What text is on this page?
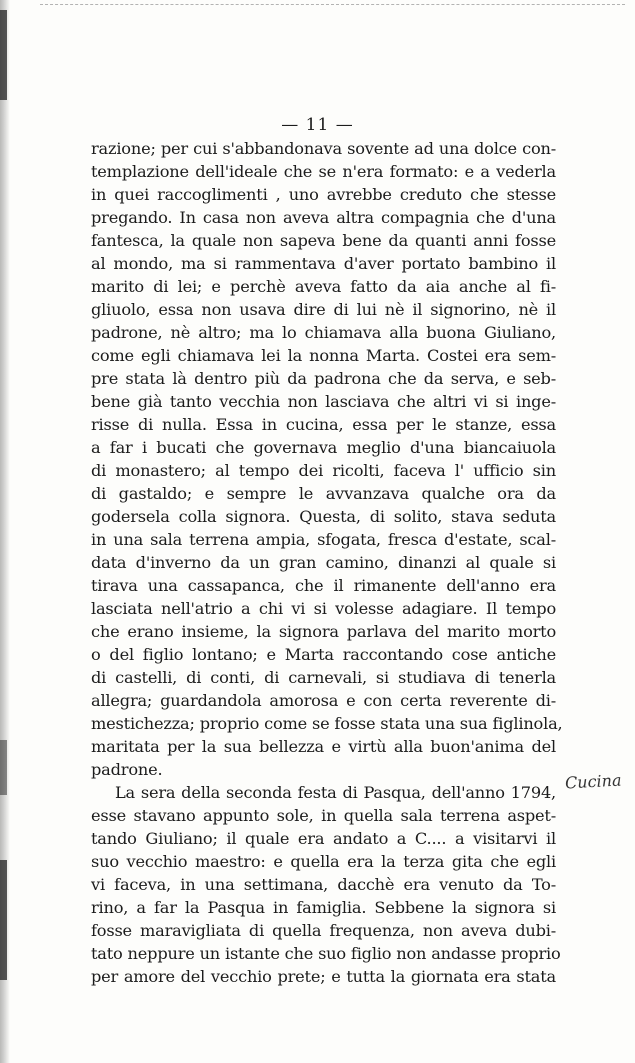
— 11 —
razione; per cui s'abbandonava sovente ad una dolce con-
templazione dell'ideale che se n'era formato: e a vederla
in quei raccoglimenti , uno avrebbe creduto che stesse
pregando. In casa non aveva altra compagnia che d'una
fantesca, la quale non sapeva bene da quanti anni fosse
al mondo, ma si rammentava d'aver portato bambino il
marito di lei; e perchè aveva fatto da aia anche al fi-
gliuolo, essa non usava dire di lui nè il signorino, nè il
padrone, nè altro; ma lo chiamava alla buona Giuliano,
come egli chiamava lei la nonna Marta. Costei era sem-
pre stata là dentro più da padrona che da serva, e seb-
bene già tanto vecchia non lasciava che altri vi si inge-
risse di nulla. Essa in cucina, essa per le stanze, essa
a far i bucati che governava meglio d'una biancaiuola
di monastero; al tempo dei ricolti, faceva l' ufficio sin
di gastaldo; e sempre le avvanzava qualche ora da
godersela colla signora. Questa, di solito, stava seduta
in una sala terrena ampia, sfogata, fresca d'estate, scal-
data d'inverno da un gran camino, dinanzi al quale si
tirava una cassapanca, che il rimanente dell'anno era
lasciata nell'atrio a chi vi si volesse adagiare. Il tempo
che erano insieme, la signora parlava del marito morto
o del figlio lontano; e Marta raccontando cose antiche
di castelli, di conti, di carnevali, si studiava di tenerla
allegra; guardandola amorosa e con certa reverente di-
mestichezza; proprio come se fosse stata una sua figlinola,
maritata per la sua bellezza e virtù alla buon'anima del
padrone.
La sera della seconda festa di Pasqua, dell'anno 1794,
esse stavano appunto sole, in quella sala terrena aspet-
tando Giuliano; il quale era andato a C.... a visitarvi il
suo vecchio maestro: e quella era la terza gita che egli
vi faceva, in una settimana, dacchè era venuto da To-
rino, a far la Pasqua in famiglia. Sebbene la signora si
fosse maravigliata di quella frequenza, non aveva dubi-
tato neppure un istante che suo figlio non andasse proprio
per amore del vecchio prete; e tutta la giornata era stata
Cucina
